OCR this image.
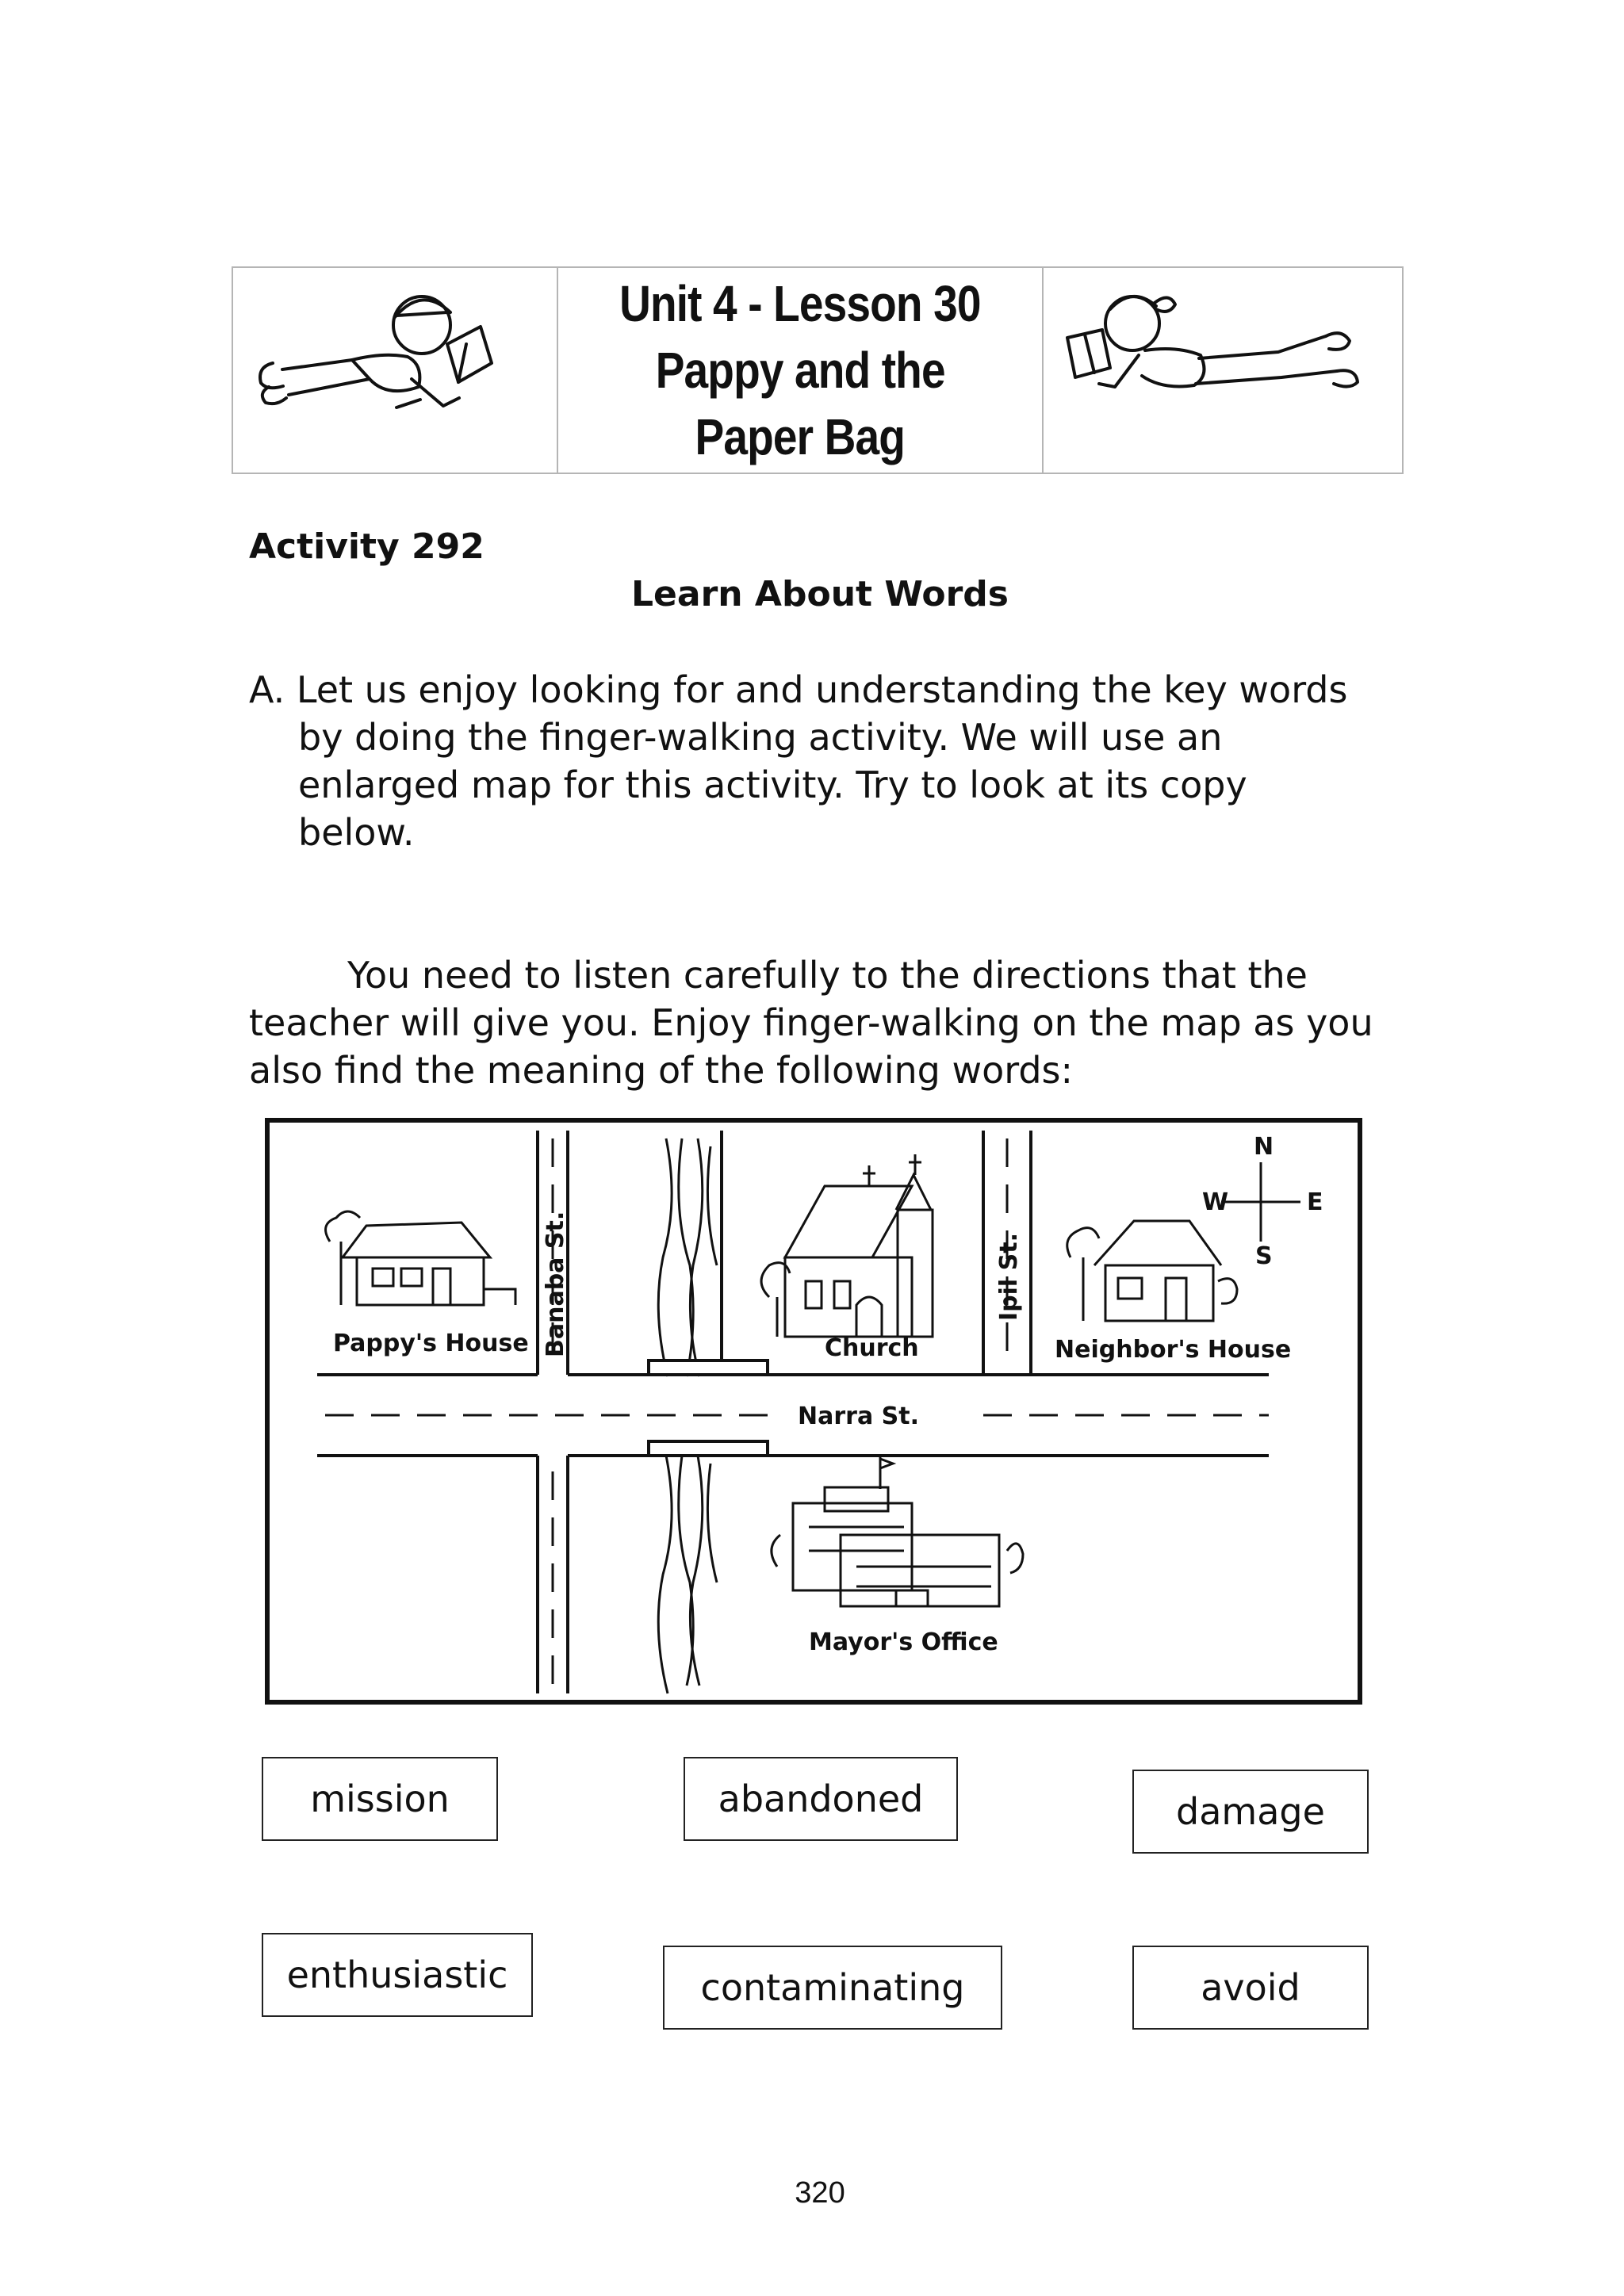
Unit 4 - Lesson 30
Pappy and the
Paper Bag
Activity 292
Learn About Words
A. Let us enjoy looking for and understanding the key words
by doing the finger-walking activity. We will use an
enlarged map for this activity. Try to look at its copy
below.
You need to listen carefully to the directions that the
teacher will give you. Enjoy finger-walking on the map as you
also find the meaning of the following words:
N
S
W	E
Pappy's House	Church	Neighbor's House
Mayor's Office
Narra St.
Banaba St.	Ipil St.
mission	abandoned	damage
enthusiastic	contaminating	avoid
320
